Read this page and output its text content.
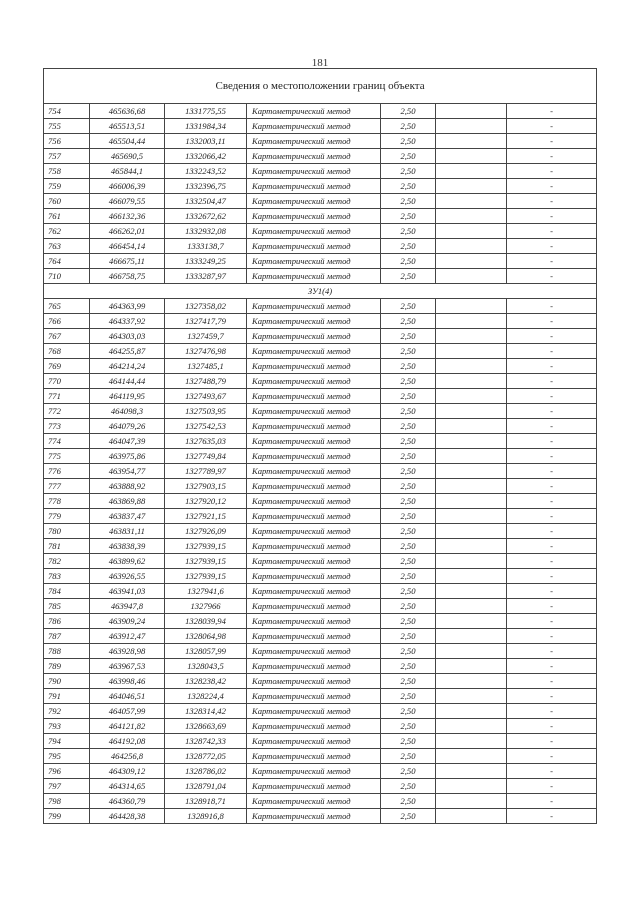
181
Сведения о местоположении границ объекта						
754	465636,68	1331775,55	Картометрический метод	2,50		-
755	465513,51	1331984,34	Картометрический метод	2,50		-
756	465504,44	1332003,11	Картометрический метод	2,50		-
757	465690,5	1332066,42	Картометрический метод	2,50		-
758	465844,1	1332243,52	Картометрический метод	2,50		-
759	466006,39	1332396,75	Картометрический метод	2,50		-
760	466079,55	1332504,47	Картометрический метод	2,50		-
761	466132,36	1332672,62	Картометрический метод	2,50		-
762	466262,01	1332932,08	Картометрический метод	2,50		-
763	466454,14	1333138,7	Картометрический метод	2,50		-
764	466675,11	1333249,25	Картометрический метод	2,50		-
710	466758,75	1333287,97	Картометрический метод	2,50		-
ЗУ1(4)						
765	464363,99	1327358,02	Картометрический метод	2,50		-
766	464337,92	1327417,79	Картометрический метод	2,50		-
767	464303,03	1327459,7	Картометрический метод	2,50		-
768	464255,87	1327476,98	Картометрический метод	2,50		-
769	464214,24	1327485,1	Картометрический метод	2,50		-
770	464144,44	1327488,79	Картометрический метод	2,50		-
771	464119,95	1327493,67	Картометрический метод	2,50		-
772	464098,3	1327503,95	Картометрический метод	2,50		-
773	464079,26	1327542,53	Картометрический метод	2,50		-
774	464047,39	1327635,03	Картометрический метод	2,50		-
775	463975,86	1327749,84	Картометрический метод	2,50		-
776	463954,77	1327789,97	Картометрический метод	2,50		-
777	463888,92	1327903,15	Картометрический метод	2,50		-
778	463869,88	1327920,12	Картометрический метод	2,50		-
779	463837,47	1327921,15	Картометрический метод	2,50		-
780	463831,11	1327926,09	Картометрический метод	2,50		-
781	463838,39	1327939,15	Картометрический метод	2,50		-
782	463899,62	1327939,15	Картометрический метод	2,50		-
783	463926,55	1327939,15	Картометрический метод	2,50		-
784	463941,03	1327941,6	Картометрический метод	2,50		-
785	463947,8	1327966	Картометрический метод	2,50		-
786	463909,24	1328039,94	Картометрический метод	2,50		-
787	463912,47	1328064,98	Картометрический метод	2,50		-
788	463928,98	1328057,99	Картометрический метод	2,50		-
789	463967,53	1328043,5	Картометрический метод	2,50		-
790	463998,46	1328238,42	Картометрический метод	2,50		-
791	464046,51	1328224,4	Картометрический метод	2,50		-
792	464057,99	1328314,42	Картометрический метод	2,50		-
793	464121,82	1328663,69	Картометрический метод	2,50		-
794	464192,08	1328742,33	Картометрический метод	2,50		-
795	464256,8	1328772,05	Картометрический метод	2,50		-
796	464309,12	1328786,02	Картометрический метод	2,50		-
797	464314,65	1328791,04	Картометрический метод	2,50		-
798	464360,79	1328918,71	Картометрический метод	2,50		-
799	464428,38	1328916,8	Картометрический метод	2,50		-
